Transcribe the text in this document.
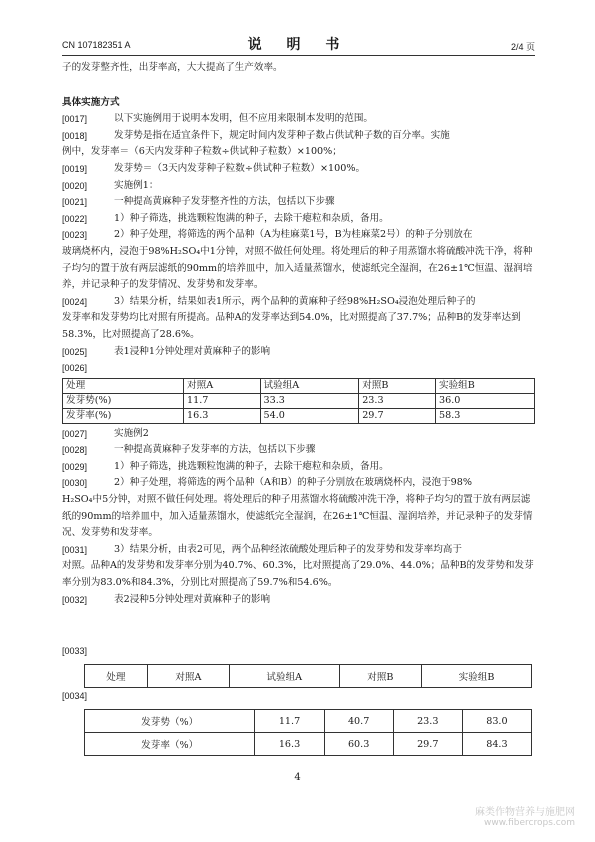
CN 107182351 A	说 明 书	2/4 页

子的发芽整齐性，出芽率高，大大提高了生产效率。

具体实施方式

[0017]	以下实施例用于说明本发明，但不应用来限制本发明的范围。
[0018]	发芽势是指在适宜条件下，规定时间内发芽种子数占供试种子数的百分率。实施
例中，发芽率＝（6天内发芽种子粒数÷供试种子粒数）×100%；
[0019]	发芽势＝（3天内发芽种子粒数÷供试种子粒数）×100%。
[0020]	实施例1：
[0021]	一种提高黄麻种子发芽整齐性的方法，包括以下步骤
[0022]	1）种子筛选，挑选颗粒饱满的种子，去除干瘪粒和杂质，备用。
[0023]	2）种子处理，将筛选的两个品种（A为桂麻菜1号，B为桂麻菜2号）的种子分别放在
玻璃烧杯内，浸泡于98%H₂SO₄中1分钟，对照不做任何处理。将处理后的种子用蒸馏水将硫酸冲洗干净，将种子均匀的置于放有两层滤纸的90mm的培养皿中，加入适量蒸馏水，使滤纸完全湿润，在26±1℃恒温、湿润培养，并记录种子的发芽情况、发芽势和发芽率。
[0024]	3）结果分析，结果如表1所示，两个品种的黄麻种子经98%H₂SO₄浸泡处理后种子的
发芽率和发芽势均比对照有所提高。品种A的发芽率达到54.0%，比对照提高了37.7%；品种B的发芽率达到58.3%，比对照提高了28.6%。
[0025]	表1浸种1分钟处理对黄麻种子的影响
[0026]
处理	对照A	试验组A	对照B	实验组B
发芽势(%)	11.7	33.3	23.3	36.0
发芽率(%)	16.3	54.0	29.7	58.3
[0027]	实施例2
[0028]	一种提高黄麻种子发芽率的方法，包括以下步骤
[0029]	1）种子筛选，挑选颗粒饱满的种子，去除干瘪粒和杂质，备用。
[0030]	2）种子处理，将筛选的两个品种（A和B）的种子分别放在玻璃烧杯内，浸泡于98%
H₂SO₄中5分钟，对照不做任何处理。将处理后的种子用蒸馏水将硫酸冲洗干净，将种子均匀的置于放有两层滤纸的90mm的培养皿中，加入适量蒸馏水，使滤纸完全湿润，在26±1℃恒温、湿润培养，并记录种子的发芽情况、发芽势和发芽率。
[0031]	3）结果分析，由表2可见，两个品种经浓硫酸处理后种子的发芽势和发芽率均高于
对照。品种A的发芽势和发芽率分别为40.7%、60.3%，比对照提高了29.0%、44.0%；品种B的发芽势和发芽率分别为83.0%和84.3%，分别比对照提高了59.7%和54.6%。
[0032]	表2浸种5分钟处理对黄麻种子的影响
[0033]
处理	对照A	试验组A	对照B	实验组B
[0034]
发芽势（%）	11.7	40.7	23.3	83.0
发芽率（%）	16.3	60.3	29.7	84.3
4
麻类作物营养与施肥网
www.fibercrops.com
